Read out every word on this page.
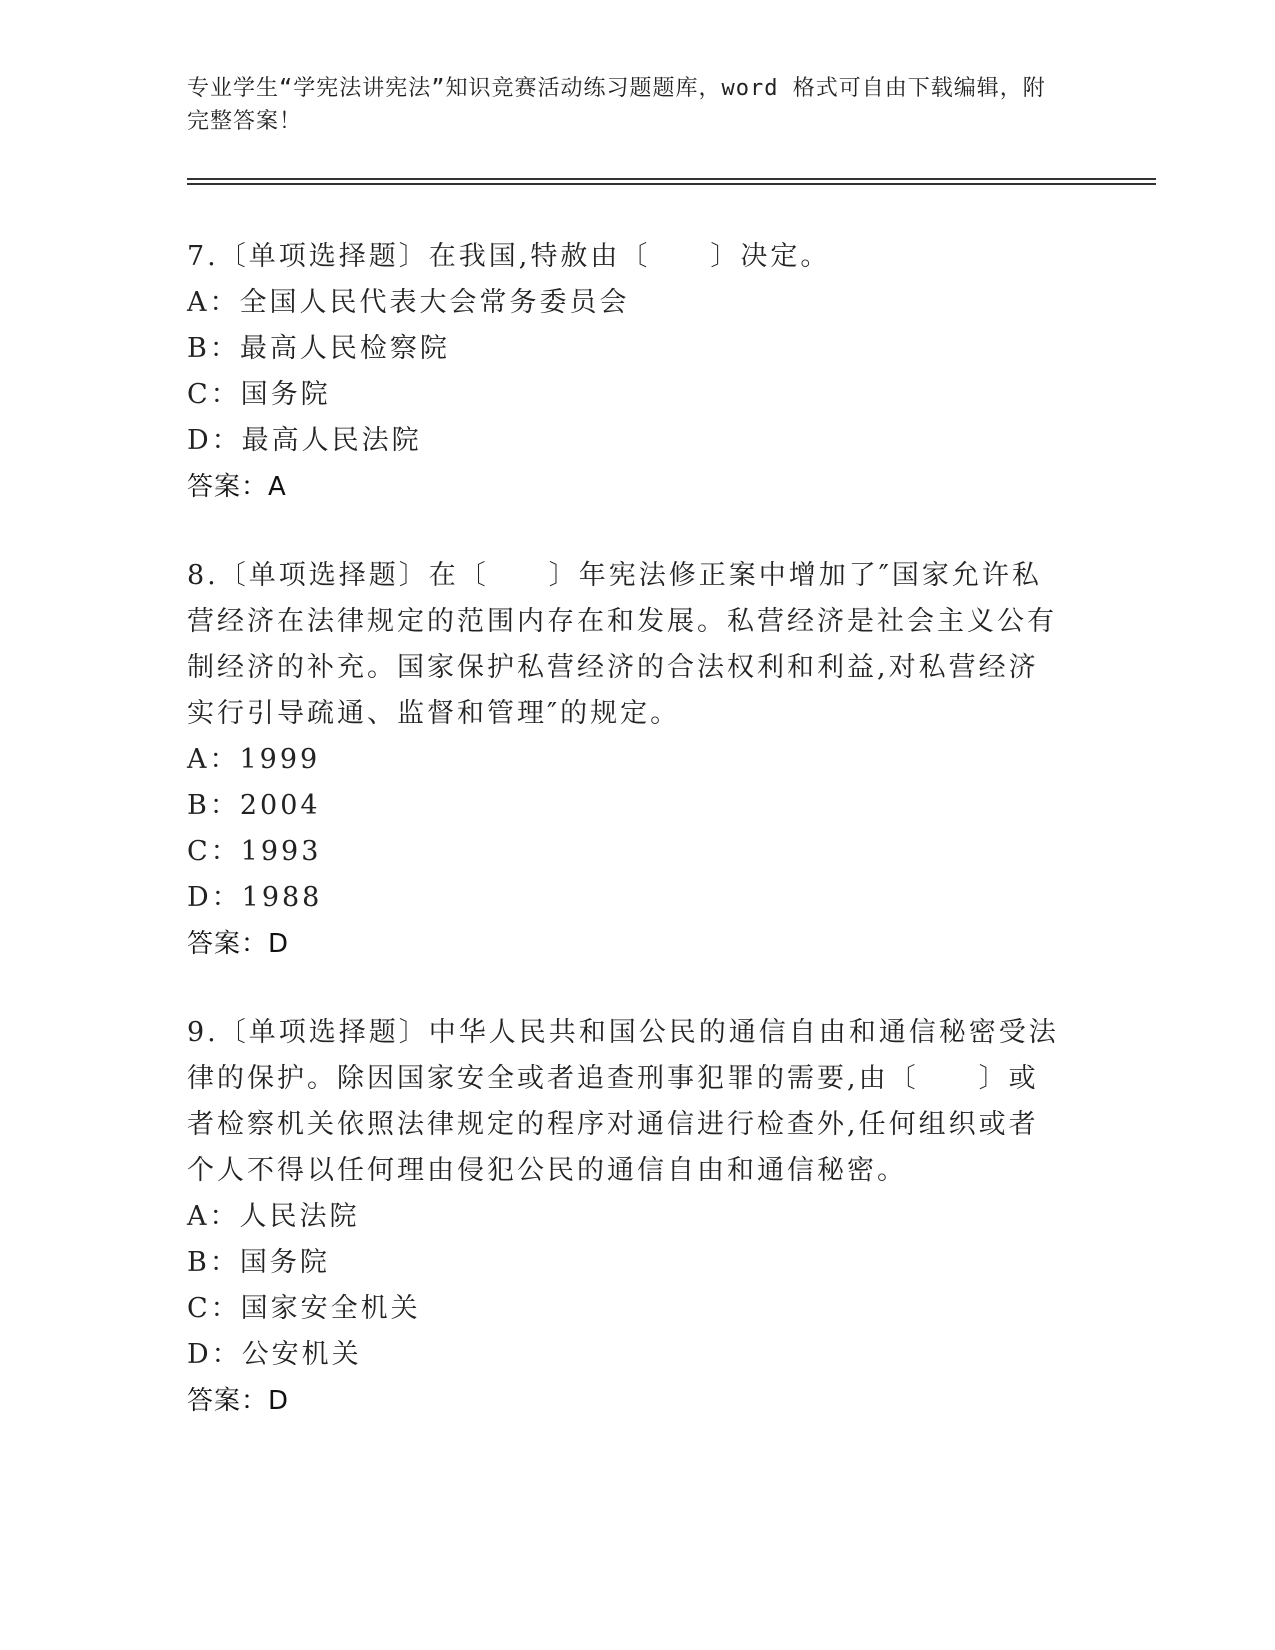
专业学生“学宪法讲宪法”知识竞赛活动练习题题库，word 格式可自由下载编辑，附完整答案！

7.〔单项选择题〕在我国,特赦由〔　　〕决定。

A：全国人民代表大会常务委员会
B：最高人民检察院
C：国务院
D：最高人民法院
答案：A

8.〔单项选择题〕在〔　　〕年宪法修正案中增加了″国家允许私营经济在法律规定的范围内存在和发展。私营经济是社会主义公有制经济的补充。国家保护私营经济的合法权利和利益,对私营经济实行引导疏通、监督和管理″的规定。

A：1999
B：2004
C：1993
D：1988
答案：D

9.〔单项选择题〕中华人民共和国公民的通信自由和通信秘密受法律的保护。除因国家安全或者追查刑事犯罪的需要,由〔　　〕或者检察机关依照法律规定的程序对通信进行检查外,任何组织或者个人不得以任何理由侵犯公民的通信自由和通信秘密。

A：人民法院
B：国务院
C：国家安全机关
D：公安机关
答案：D
